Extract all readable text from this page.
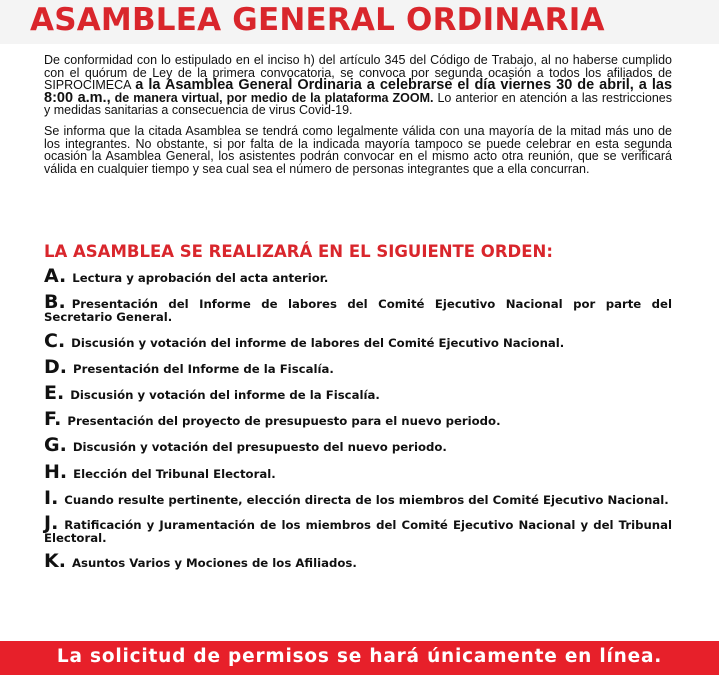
ASAMBLEA GENERAL ORDINARIA

De conformidad con lo estipulado en el inciso h) del artículo 345 del Código de Trabajo, al no haberse cumplido con el quórum de Ley de la primera convocatoria, se convoca por segunda ocasión a todos los afiliados de SIPROCIMECA a la Asamblea General Ordinaria a celebrarse el día viernes 30 de abril, a las 8:00 a.m., de manera virtual, por medio de la plataforma ZOOM. Lo anterior en atención a las restricciones y medidas sanitarias a consecuencia de virus Covid-19.

Se informa que la citada Asamblea se tendrá como legalmente válida con una mayoría de la mitad más uno de los integrantes. No obstante, si por falta de la indicada mayoría tampoco se puede celebrar en esta segunda ocasión la Asamblea General, los asistentes podrán convocar en el mismo acto otra reunión, que se verificará válida en cualquier tiempo y sea cual sea el número de personas integrantes que a ella concurran.

LA ASAMBLEA SE REALIZARÁ EN EL SIGUIENTE ORDEN:
A. Lectura y aprobación del acta anterior.
B. Presentación del Informe de labores del Comité Ejecutivo Nacional por parte del Secretario General.
C. Discusión y votación del informe de labores del Comité Ejecutivo Nacional.
D. Presentación del Informe de la Fiscalía.
E. Discusión y votación del informe de la Fiscalía.
F. Presentación del proyecto de presupuesto para el nuevo periodo.
G. Discusión y votación del presupuesto del nuevo periodo.
H. Elección del Tribunal Electoral.
I. Cuando resulte pertinente, elección directa de los miembros del Comité Ejecutivo Nacional.
J. Ratificación y Juramentación de los miembros del Comité Ejecutivo Nacional y del Tribunal Electoral.
K. Asuntos Varios y Mociones de los Afiliados.
La solicitud de permisos se hará únicamente en línea.
